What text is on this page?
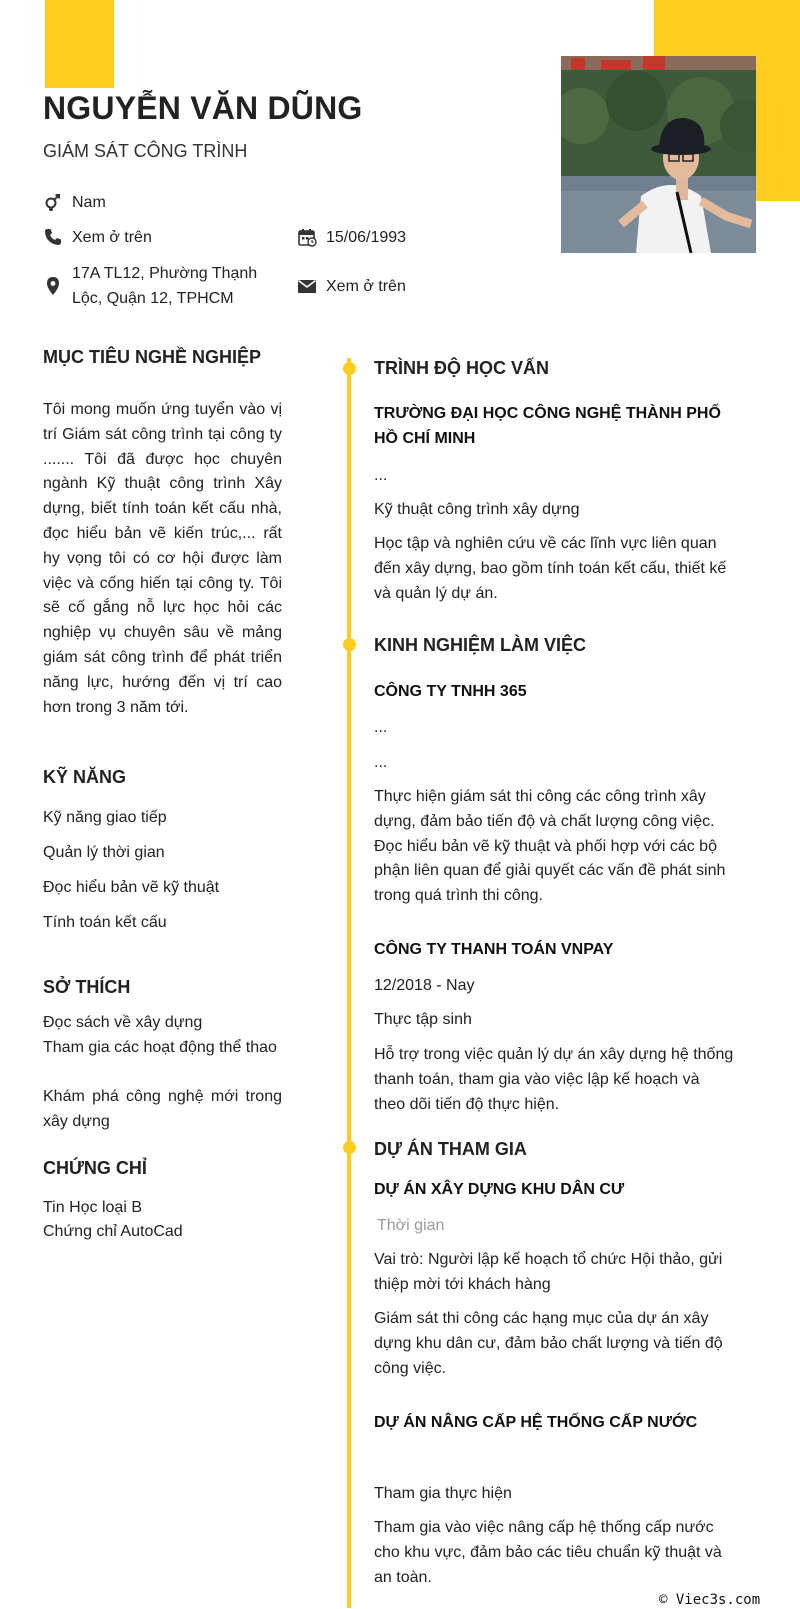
NGUYỄN VĂN DŨNG
GIÁM SÁT CÔNG TRÌNH
Nam
Xem ở trên	15/06/1993
17A TL12, Phường Thạnh Lộc, Quận 12, TPHCM
Xem ở trên
MỤC TIÊU NGHỀ NGHIỆP
Tôi mong muốn ứng tuyển vào vị trí Giám sát công trình tại công ty ....... Tôi đã được học chuyên ngành Kỹ thuật công trình Xây dựng, biết tính toán kết cấu nhà, đọc hiểu bản vẽ kiến trúc,... rất hy vọng tôi có cơ hội được làm việc và cống hiến tại công ty. Tôi sẽ cố gắng nỗ lực học hỏi các nghiệp vụ chuyên sâu về mảng giám sát công trình để phát triển năng lực, hướng đến vị trí cao hơn trong 3 năm tới.
KỸ NĂNG
Kỹ năng giao tiếp
Quản lý thời gian
Đọc hiểu bản vẽ kỹ thuật
Tính toán kết cấu
SỞ THÍCH
Đọc sách về xây dựng
Tham gia các hoạt động thể thao
Khám phá công nghệ mới trong xây dựng
CHỨNG CHỈ
Tin Học loại B
Chứng chỉ AutoCad
TRÌNH ĐỘ HỌC VẤN
TRƯỜNG ĐẠI HỌC CÔNG NGHỆ THÀNH PHỐ HỒ CHÍ MINH
...
Kỹ thuật công trình xây dựng
Học tập và nghiên cứu về các lĩnh vực liên quan đến xây dựng, bao gồm tính toán kết cấu, thiết kế và quản lý dự án.
KINH NGHIỆM LÀM VIỆC
CÔNG TY TNHH 365
...
...
Thực hiện giám sát thi công các công trình xây dựng, đảm bảo tiến độ và chất lượng công việc. Đọc hiểu bản vẽ kỹ thuật và phối hợp với các bộ phận liên quan để giải quyết các vấn đề phát sinh trong quá trình thi công.
CÔNG TY THANH TOÁN VNPAY
12/2018 - Nay
Thực tập sinh
Hỗ trợ trong việc quản lý dự án xây dựng hệ thống thanh toán, tham gia vào việc lập kế hoạch và theo dõi tiến độ thực hiện.
DỰ ÁN THAM GIA
DỰ ÁN XÂY DỰNG KHU DÂN CƯ
Thời gian
Vai trò: Người lập kế hoạch tổ chức Hội thảo, gửi thiệp mời tới khách hàng
Giám sát thi công các hạng mục của dự án xây dựng khu dân cư, đảm bảo chất lượng và tiến độ công việc.
DỰ ÁN NÂNG CẤP HỆ THỐNG CẤP NƯỚC
Tham gia thực hiện
Tham gia vào việc nâng cấp hệ thống cấp nước cho khu vực, đảm bảo các tiêu chuẩn kỹ thuật và an toàn.
© Viec3s.com
